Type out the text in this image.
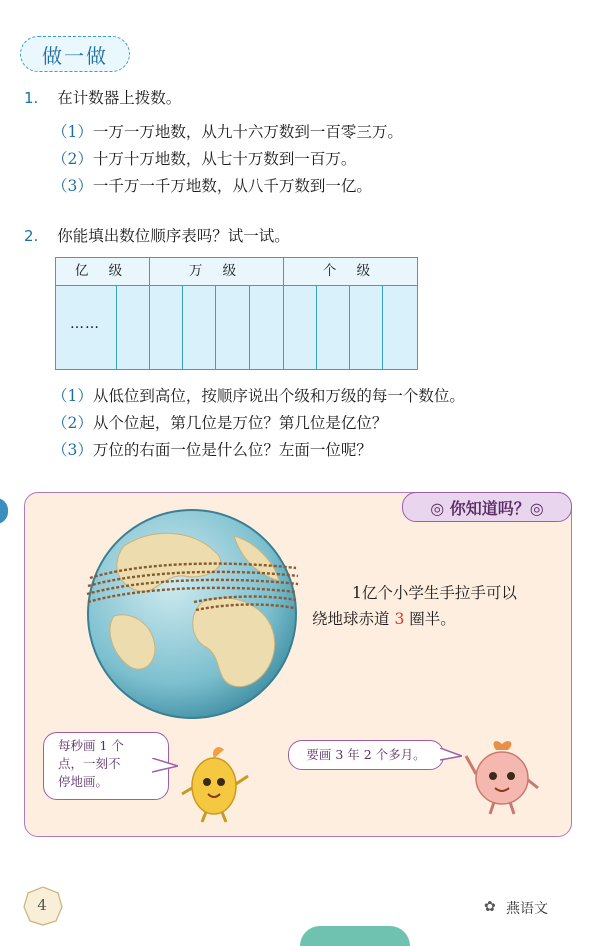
做一做
1. 在计数器上拨数。
（1）一万一万地数，从九十六万数到一百零三万。
（2）十万十万地数，从七十万数到一百万。
（3）一千万一千万地数，从八千万数到一亿。
2. 你能填出数位顺序表吗？试一试。
亿 级	万 级	个 级
……
（1）从低位到高位，按顺序说出个级和万级的每一个数位。
（2）从个位起，第几位是万位？第几位是亿位？
（3）万位的右面一位是什么位？左面一位呢？
◎ 你知道吗？◎
1亿个小学生手拉手可以
绕地球赤道 3 圈半。
每秒画 1 个
点，一刻不
停地画。
要画 3 年 2 个多月。
4	✿ 燕语文
